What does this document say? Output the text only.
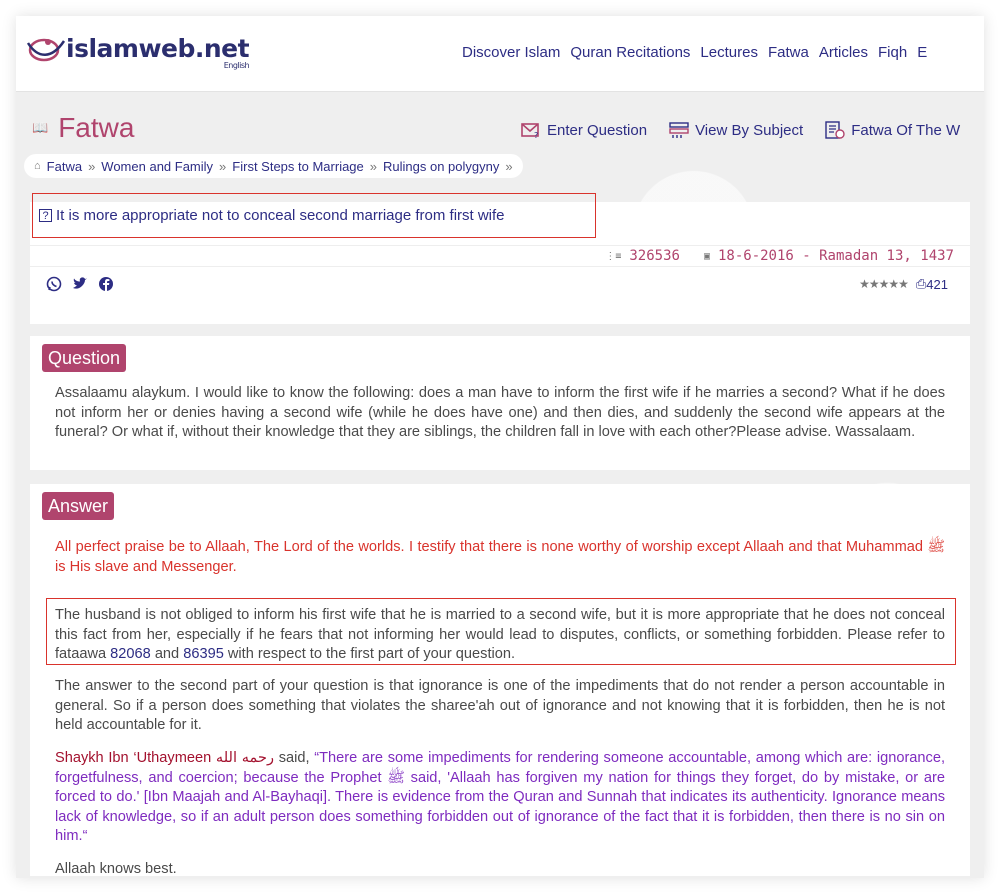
islamweb.net
English
Discover Islam Quran Recitations Lectures Fatwa Articles Fiqh E
📖 Fatwa	? Enter Question	View By Subject	Fatwa Of The W
⌂ Fatwa » Women and Family » First Steps to Marriage » Rulings on polygyny »
? It is more appropriate not to conceal second marriage from first wife
⋮≡ 326536 ▣ 18-6-2016 - Ramadan 13, 1437
★★★★★ ⎙ 421
Question

Assalaamu alaykum. I would like to know the following: does a man have to inform the first wife if he marries a second? What if he does not inform her or denies having a second wife (while he does have one) and then dies, and suddenly the second wife appears at the funeral? Or what if, without their knowledge that they are siblings, the children fall in love with each other?Please advise. Wassalaam.

Answer

All perfect praise be to Allaah, The Lord of the worlds. I testify that there is none worthy of worship except Allaah and that Muhammad ﷺ is His slave and Messenger.

The husband is not obliged to inform his first wife that he is married to a second wife, but it is more appropriate that he does not conceal this fact from her, especially if he fears that not informing her would lead to disputes, conflicts, or something forbidden. Please refer to fataawa 82068 and 86395 with respect to the first part of your question.

The answer to the second part of your question is that ignorance is one of the impediments that do not render a person accountable in general. So if a person does something that violates the sharee'ah out of ignorance and not knowing that it is forbidden, then he is not held accountable for it.

Shaykh Ibn ‘Uthaymeen رحمه الله said, “There are some impediments for rendering someone accountable, among which are: ignorance, forgetfulness, and coercion; because the Prophet ﷺ said, 'Allaah has forgiven my nation for things they forget, do by mistake, or are forced to do.' [Ibn Maajah and Al-Bayhaqi]. There is evidence from the Quran and Sunnah that indicates its authenticity. Ignorance means lack of knowledge, so if an adult person does something forbidden out of ignorance of the fact that it is forbidden, then there is no sin on him.“

Allaah knows best.
